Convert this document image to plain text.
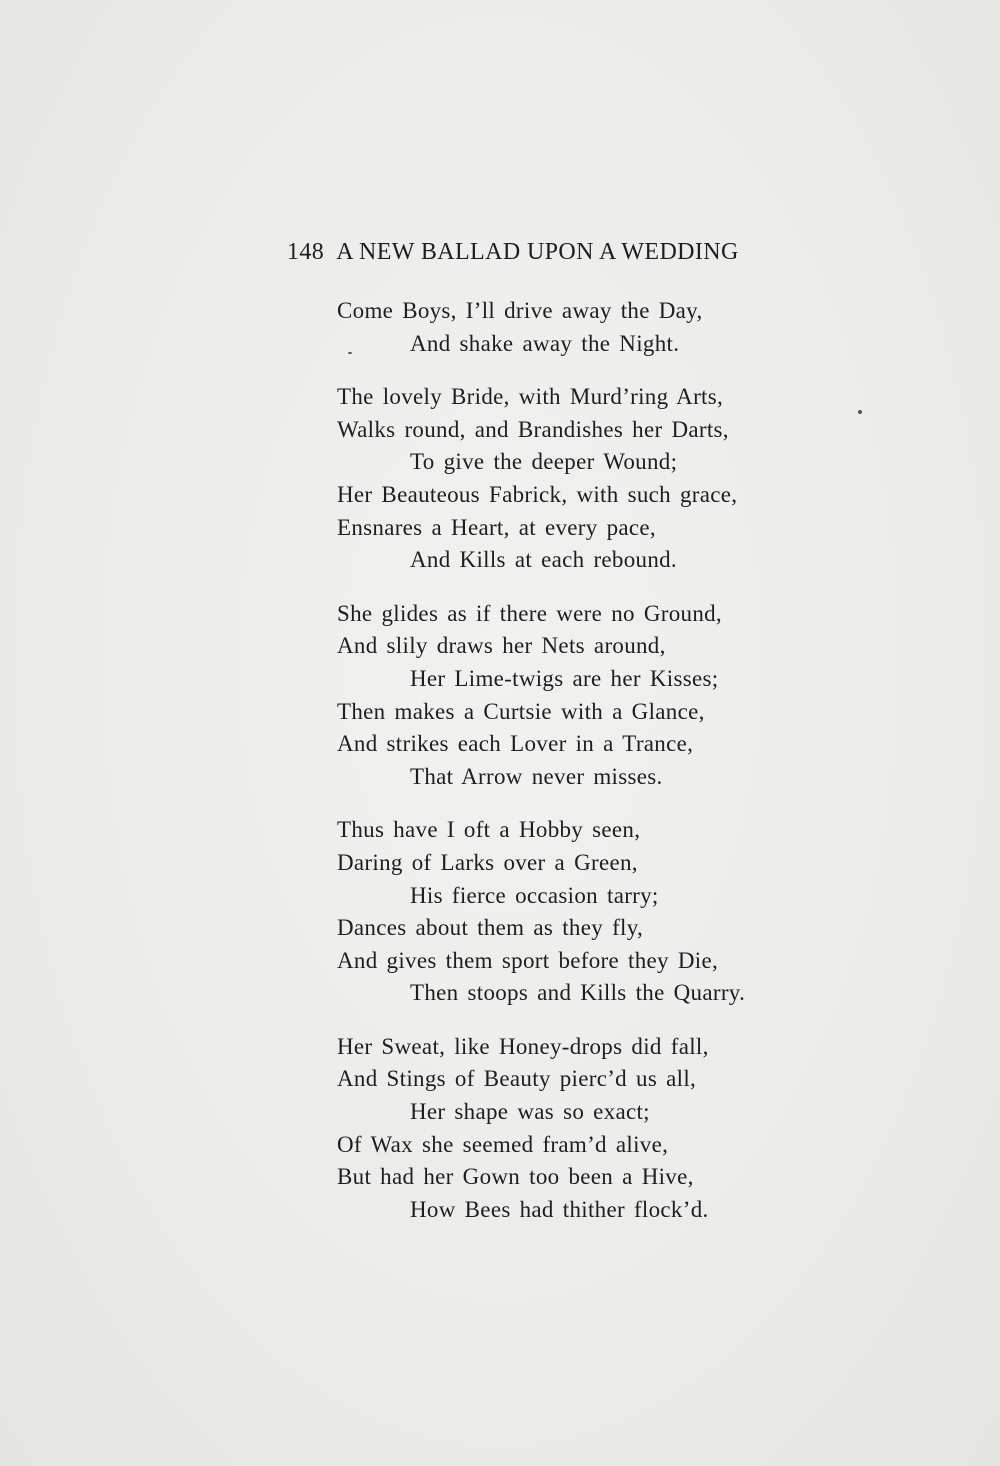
148 A NEW BALLAD UPON A WEDDING
Come Boys, I’ll drive away the Day,
And shake away the Night.
The lovely Bride, with Murd’ring Arts,
Walks round, and Brandishes her Darts,
To give the deeper Wound;
Her Beauteous Fabrick, with such grace,
Ensnares a Heart, at every pace,
And Kills at each rebound.
She glides as if there were no Ground,
And slily draws her Nets around,
Her Lime-twigs are her Kisses;
Then makes a Curtsie with a Glance,
And strikes each Lover in a Trance,
That Arrow never misses.
Thus have I oft a Hobby seen,
Daring of Larks over a Green,
His fierce occasion tarry;
Dances about them as they fly,
And gives them sport before they Die,
Then stoops and Kills the Quarry.
Her Sweat, like Honey-drops did fall,
And Stings of Beauty pierc’d us all,
Her shape was so exact;
Of Wax she seemed fram’d alive,
But had her Gown too been a Hive,
How Bees had thither flock’d.
